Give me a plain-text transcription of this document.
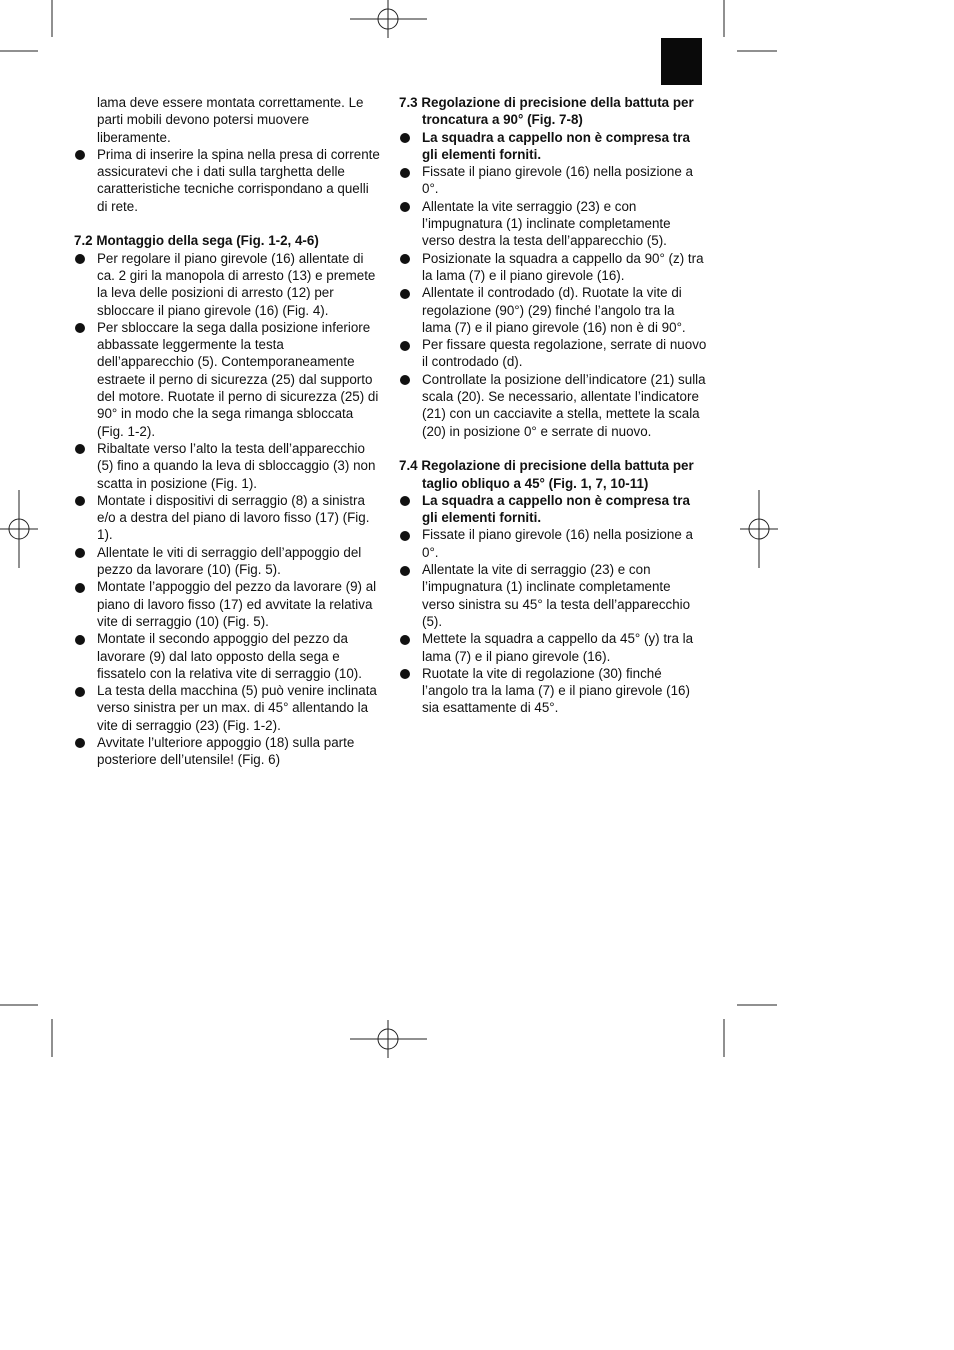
lama deve essere montata correttamente. Le parti mobili devono potersi muovere liberamente.
Prima di inserire la spina nella presa di corrente assicuratevi che i dati sulla targhetta delle caratteristiche tecniche corrispondano a quelli di rete.
7.2 Montaggio della sega (Fig. 1-2, 4-6)
Per regolare il piano girevole (16) allentate di ca. 2 giri la manopola di arresto (13) e premete la leva delle posizioni di arresto (12) per sbloccare il piano girevole (16) (Fig. 4).
Per sbloccare la sega dalla posizione inferiore abbassate leggermente la testa dell’apparecchio (5). Contemporaneamente estraete il perno di sicurezza (25) dal supporto del motore. Ruotate il perno di sicurezza (25) di 90° in modo che la sega rimanga sbloccata (Fig. 1-2).
Ribaltate verso l’alto la testa dell’apparecchio (5) fino a quando la leva di sbloccaggio (3) non scatta in posizione (Fig. 1).
Montate i dispositivi di serraggio (8) a sinistra e/o a destra del piano di lavoro fisso (17) (Fig. 1).
Allentate le viti di serraggio dell’appoggio del pezzo da lavorare (10) (Fig. 5).
Montate l’appoggio del pezzo da lavorare (9) al piano di lavoro fisso (17) ed avvitate la relativa vite di serraggio (10) (Fig. 5).
Montate il secondo appoggio del pezzo da lavorare (9) dal lato opposto della sega e fissatelo con la relativa vite di serraggio (10).
La testa della macchina (5) può venire inclinata verso sinistra per un max. di 45° allentando la vite di serraggio (23) (Fig. 1-2).
Avvitate l’ulteriore appoggio (18) sulla parte posteriore dell’utensile! (Fig. 6)
7.3 Regolazione di precisione della battuta per troncatura a 90° (Fig. 7-8)
La squadra a cappello non è compresa tra gli elementi forniti.
Fissate il piano girevole (16) nella posizione a 0°.
Allentate la vite serraggio (23) e con l’impugnatura (1) inclinate completamente verso destra la testa dell’apparecchio (5).
Posizionate la squadra a cappello da 90° (z) tra la lama (7) e il piano girevole (16).
Allentate il controdado (d). Ruotate la vite di regolazione (90°) (29) finché l’angolo tra la lama (7) e il piano girevole (16) non è di 90°.
Per fissare questa regolazione, serrate di nuovo il controdado (d).
Controllate la posizione dell’indicatore (21) sulla scala (20). Se necessario, allentate l’indicatore (21) con un cacciavite a stella, mettete la scala (20) in posizione 0° e serrate di nuovo.
7.4 Regolazione di precisione della battuta per taglio obliquo a 45° (Fig. 1, 7, 10-11)
La squadra a cappello non è compresa tra gli elementi forniti.
Fissate il piano girevole (16) nella posizione a 0°.
Allentate la vite di serraggio (23) e con l’impugnatura (1) inclinate completamente verso sinistra su 45° la testa dell’apparecchio (5).
Mettete la squadra a cappello da 45° (y) tra la lama (7) e il piano girevole (16).
Ruotate la vite di regolazione (30) finché l’angolo tra la lama (7) e il piano girevole (16) sia esattamente di 45°.
